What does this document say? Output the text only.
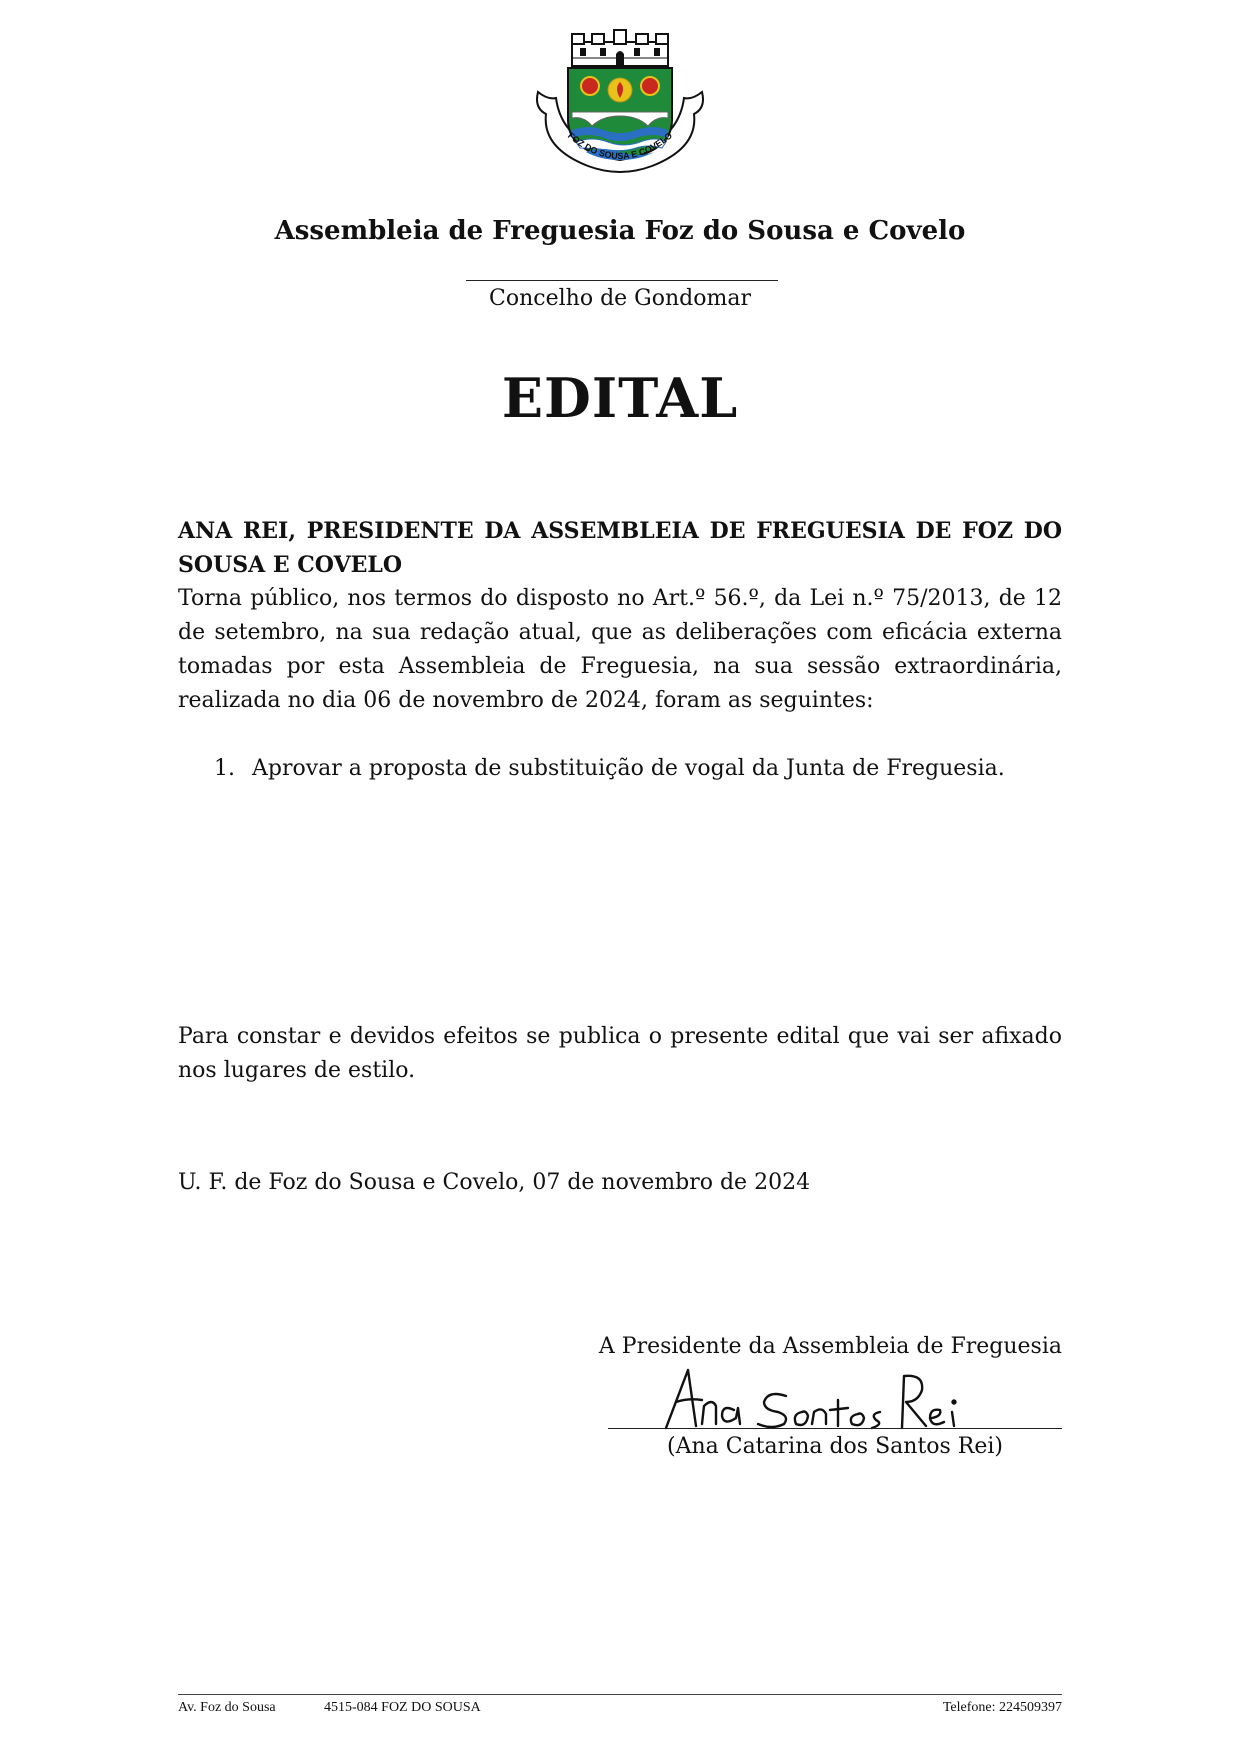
FOZ DO SOUSA E COVELO
Assembleia de Freguesia Foz do Sousa e Covelo
Concelho de Gondomar
EDITAL

ANA REI, PRESIDENTE DA ASSEMBLEIA DE FREGUESIA DE FOZ DO SOUSA E COVELO

Torna público, nos termos do disposto no Art.º 56.º, da Lei n.º 75/2013, de 12 de setembro, na sua redação atual, que as deliberações com eficácia externa tomadas por esta Assembleia de Freguesia, na sua sessão extraordinária, realizada no dia 06 de novembro de 2024, foram as seguintes:

1. Aprovar a proposta de substituição de vogal da Junta de Freguesia.

Para constar e devidos efeitos se publica o presente edital que vai ser afixado nos lugares de estilo.

U. F. de Foz do Sousa e Covelo, 07 de novembro de 2024

A Presidente da Assembleia de Freguesia
(Ana Catarina dos Santos Rei)
Av. Foz do Sousa	4515-084 FOZ DO SOUSA	Telefone: 224509397
